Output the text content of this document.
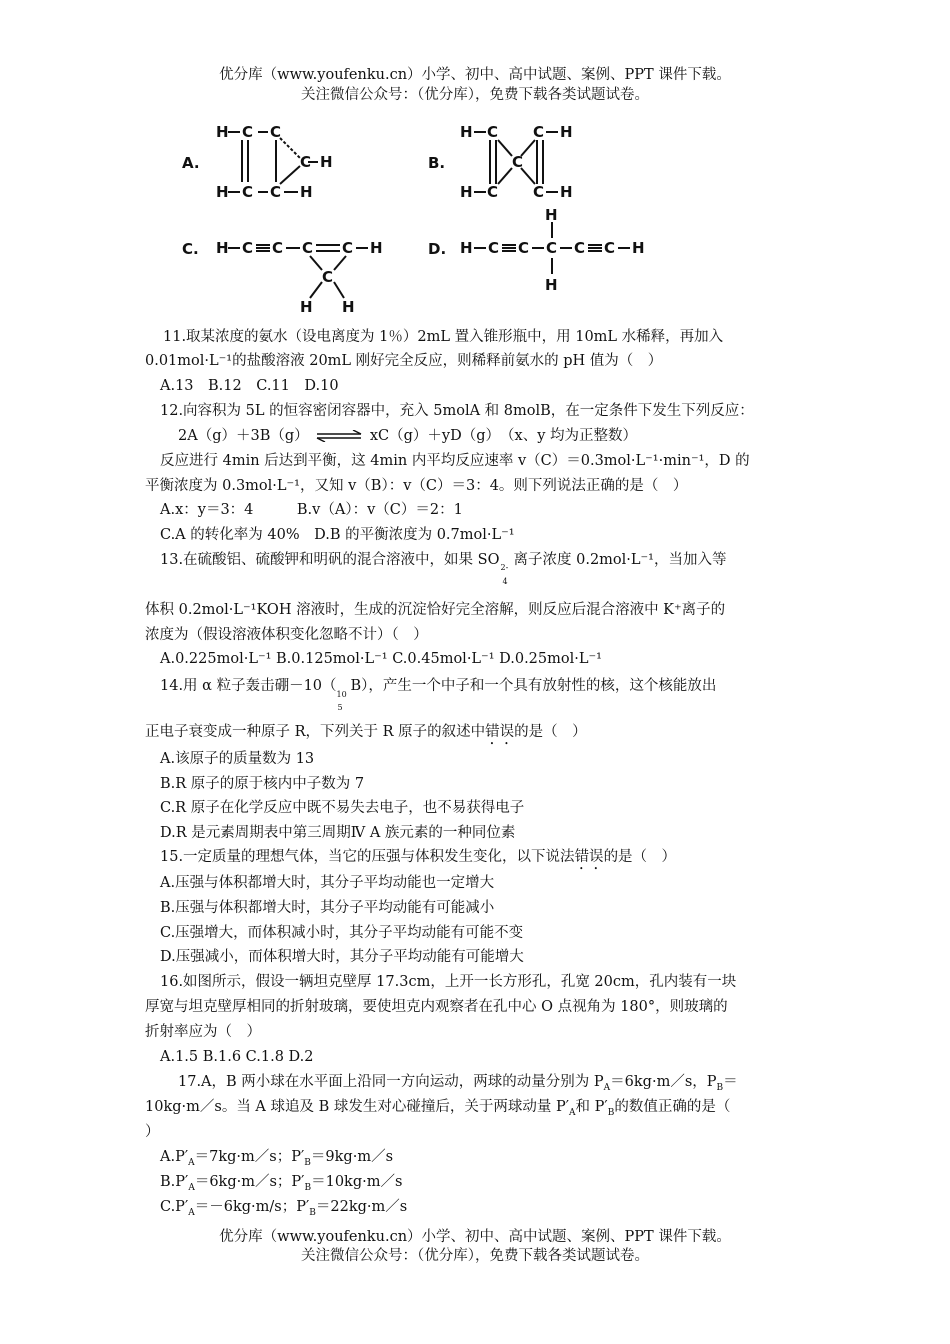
优分库（www.youfenku.cn）小学、初中、高中试题、案例、PPT 课件下载。
关注微信公众号：（优分库），免费下载各类试题试卷。
A.	B.
C.	D.
H C C
C H
H C C H
H C C H
C
H C C H
H C C C C H
C
H H
H
H C C C C C H
H
11.取某浓度的氨水（设电离度为 1％）2mL 置入锥形瓶中，用 10mL 水稀释，再加入
0.01mol·L⁻¹的盐酸溶液 20mL 刚好完全反应，则稀释前氨水的 pH 值为（　）
A.13　B.12　C.11　D.10
12.向容积为 5L 的恒容密闭容器中，充入 5molA 和 8molB，在一定条件下发生下列反应：
2A（g）＋3B（g） ⇌ xC（g）＋yD（g）　（x、y 均为正整数）
反应进行 4min 后达到平衡，这 4min 内平均反应速率 v（C）＝0.3mol·L⁻¹·min⁻¹，D 的
平衡浓度为 0.3mol·L⁻¹，又知 v（B）：v（C）＝3：4。则下列说法正确的是（　）
A.x：y＝3：4　　　B.v（A）：v（C）＝2：1
C.A 的转化率为 40%　D.B 的平衡浓度为 0.7mol·L⁻¹
13.在硫酸铝、硫酸钾和明矾的混合溶液中，如果 SO 2-
4
离子浓度 0.2mol·L⁻¹，当加入等
体积 0.2mol·L⁻¹KOH 溶液时，生成的沉淀恰好完全溶解，则反应后混合溶液中 K⁺离子的
浓度为（假设溶液体积变化忽略不计）（　）
A.0.225mol·L⁻¹ B.0.125mol·L⁻¹ C.0.45mol·L⁻¹ D.0.25mol·L⁻¹
14.用 α 粒子轰击硼－10（
10
5
B），产生一个中子和一个具有放射性的核，这个核能放出
正电子衰变成一种原子 R，下列关于 R 原子的叙述中错误的是（　）
A.该原子的质量数为 13
B.R 原子的原于核内中子数为 7
C.R 原子在化学反应中既不易失去电子，也不易获得电子
D.R 是元素周期表中第三周期Ⅳ A 族元素的一种同位素
15.一定质量的理想气体，当它的压强与体积发生变化，以下说法错误的是（　）
A.压强与体积都增大时，其分子平均动能也一定增大
B.压强与体积都增大时，其分子平均动能有可能减小
C.压强增大，而体积减小时，其分子平均动能有可能不变
D.压强减小，而体积增大时，其分子平均动能有可能增大
16.如图所示，假设一辆坦克壁厚 17.3cm，上开一长方形孔，孔宽 20cm，孔内装有一块
厚宽与坦克壁厚相同的折射玻璃，要使坦克内观察者在孔中心 O 点视角为 180°，则玻璃的
折射率应为（　）
A.1.5 B.1.6 C.1.8 D.2
17.A，B 两小球在水平面上沿同一方向运动，两球的动量分别为 $P_A=6kg\cdot m/s$，$P_B=$
10kg·m／s。当 A 球追及 B 球发生对心碰撞后，关于两球动量 $P'_A$和 $P'_B$的数值正确的是（
）
$A.P'_A=7kg\cdot m/s$；$P'_B=9kg\cdot m/s$
$B.P'_A=6kg\cdot m/s$；$P'_B=10kg\cdot m/s$
$C.P'_A=-6kg\cdot m/s$；$P'_B=22kg\cdot m/s$
优分库（www.youfenku.cn）小学、初中、高中试题、案例、PPT 课件下载。
关注微信公众号：（优分库），免费下载各类试题试卷。
